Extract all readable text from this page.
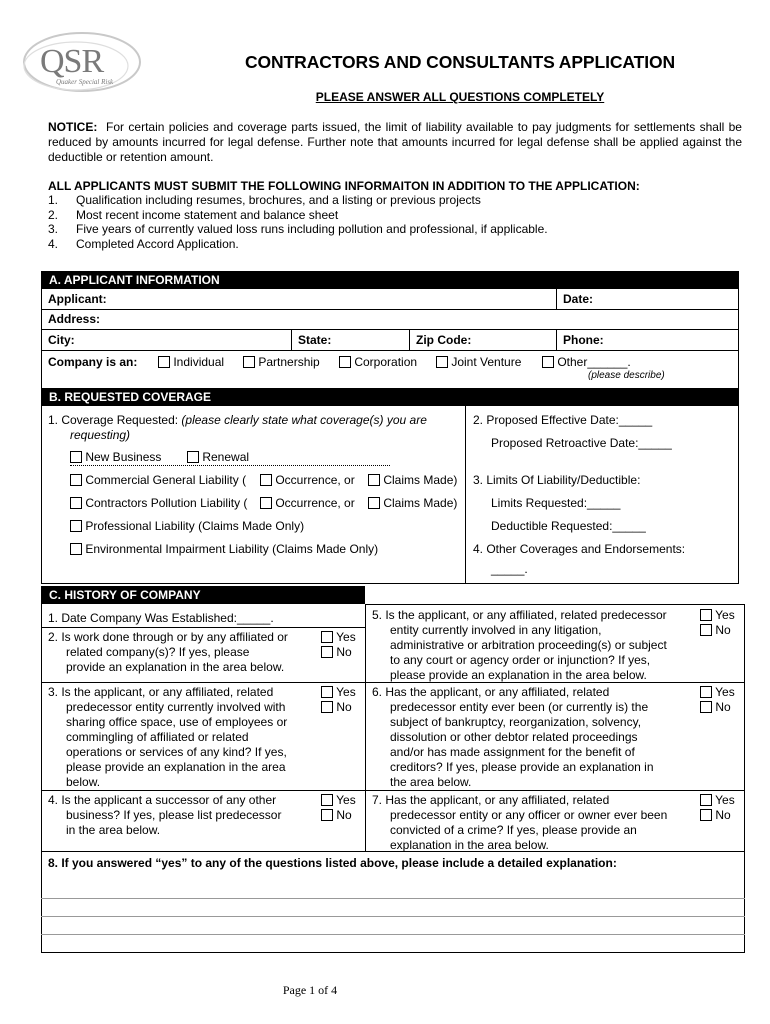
QSR
Quaker Special Risk
CONTRACTORS AND CONSULTANTS APPLICATION
PLEASE ANSWER ALL QUESTIONS COMPLETELY
NOTICE: For certain policies and coverage parts issued, the limit of liability available to pay judgments for settlements shall be reduced by amounts incurred for legal defense. Further note that amounts incurred for legal defense shall be applied against the deductible or retention amount.
ALL APPLICANTS MUST SUBMIT THE FOLLOWING INFORMAITON IN ADDITION TO THE APPLICATION:
1. Qualification including resumes, brochures, and a listing or previous projects
2. Most recent income statement and balance sheet
3. Five years of currently valued loss runs including pollution and professional, if applicable.
4. Completed Accord Application.
A. APPLICANT INFORMATION
Applicant:	Date:
Address:
City:	State:	Zip Code:	Phone:
Company is an:	Individual	Partnership	Corporation	Joint Venture	Other______.
(please describe)
B. REQUESTED COVERAGE
1. Coverage Requested: (please clearly state what coverage(s) you are
requesting)
New Business	Renewal
Commercial General Liability (	Occurrence, or	Claims Made)
Contractors Pollution Liability (	Occurrence, or	Claims Made)
Professional Liability (Claims Made Only)
Environmental Impairment Liability (Claims Made Only)
2. Proposed Effective Date:_____
Proposed Retroactive Date:_____
3. Limits Of Liability/Deductible:
Limits Requested:_____
Deductible Requested:_____
4. Other Coverages and Endorsements:
_____.
C. HISTORY OF COMPANY
1. Date Company Was Established:_____.
2. Is work done through or by any affiliated or
related company(s)? If yes, please
provide an explanation in the area below.
Yes
No
3. Is the applicant, or any affiliated, related
predecessor entity currently involved with
sharing office space, use of employees or
commingling of affiliated or related
operations or services of any kind? If yes,
please provide an explanation in the area
below.
Yes
No
4. Is the applicant a successor of any other
business? If yes, please list predecessor
in the area below.
Yes
No
5. Is the applicant, or any affiliated, related predecessor
entity currently involved in any litigation,
administrative or arbitration proceeding(s) or subject
to any court or agency order or injunction? If yes,
please provide an explanation in the area below.
Yes
No
6. Has the applicant, or any affiliated, related
predecessor entity ever been (or currently is) the
subject of bankruptcy, reorganization, solvency,
dissolution or other debtor related proceedings
and/or has made assignment for the benefit of
creditors? If yes, please provide an explanation in
the area below.
Yes
No
7. Has the applicant, or any affiliated, related
predecessor entity or any officer or owner ever been
convicted of a crime? If yes, please provide an
explanation in the area below.
Yes
No
8. If you answered “yes” to any of the questions listed above, please include a detailed explanation:
Page 1 of 4
